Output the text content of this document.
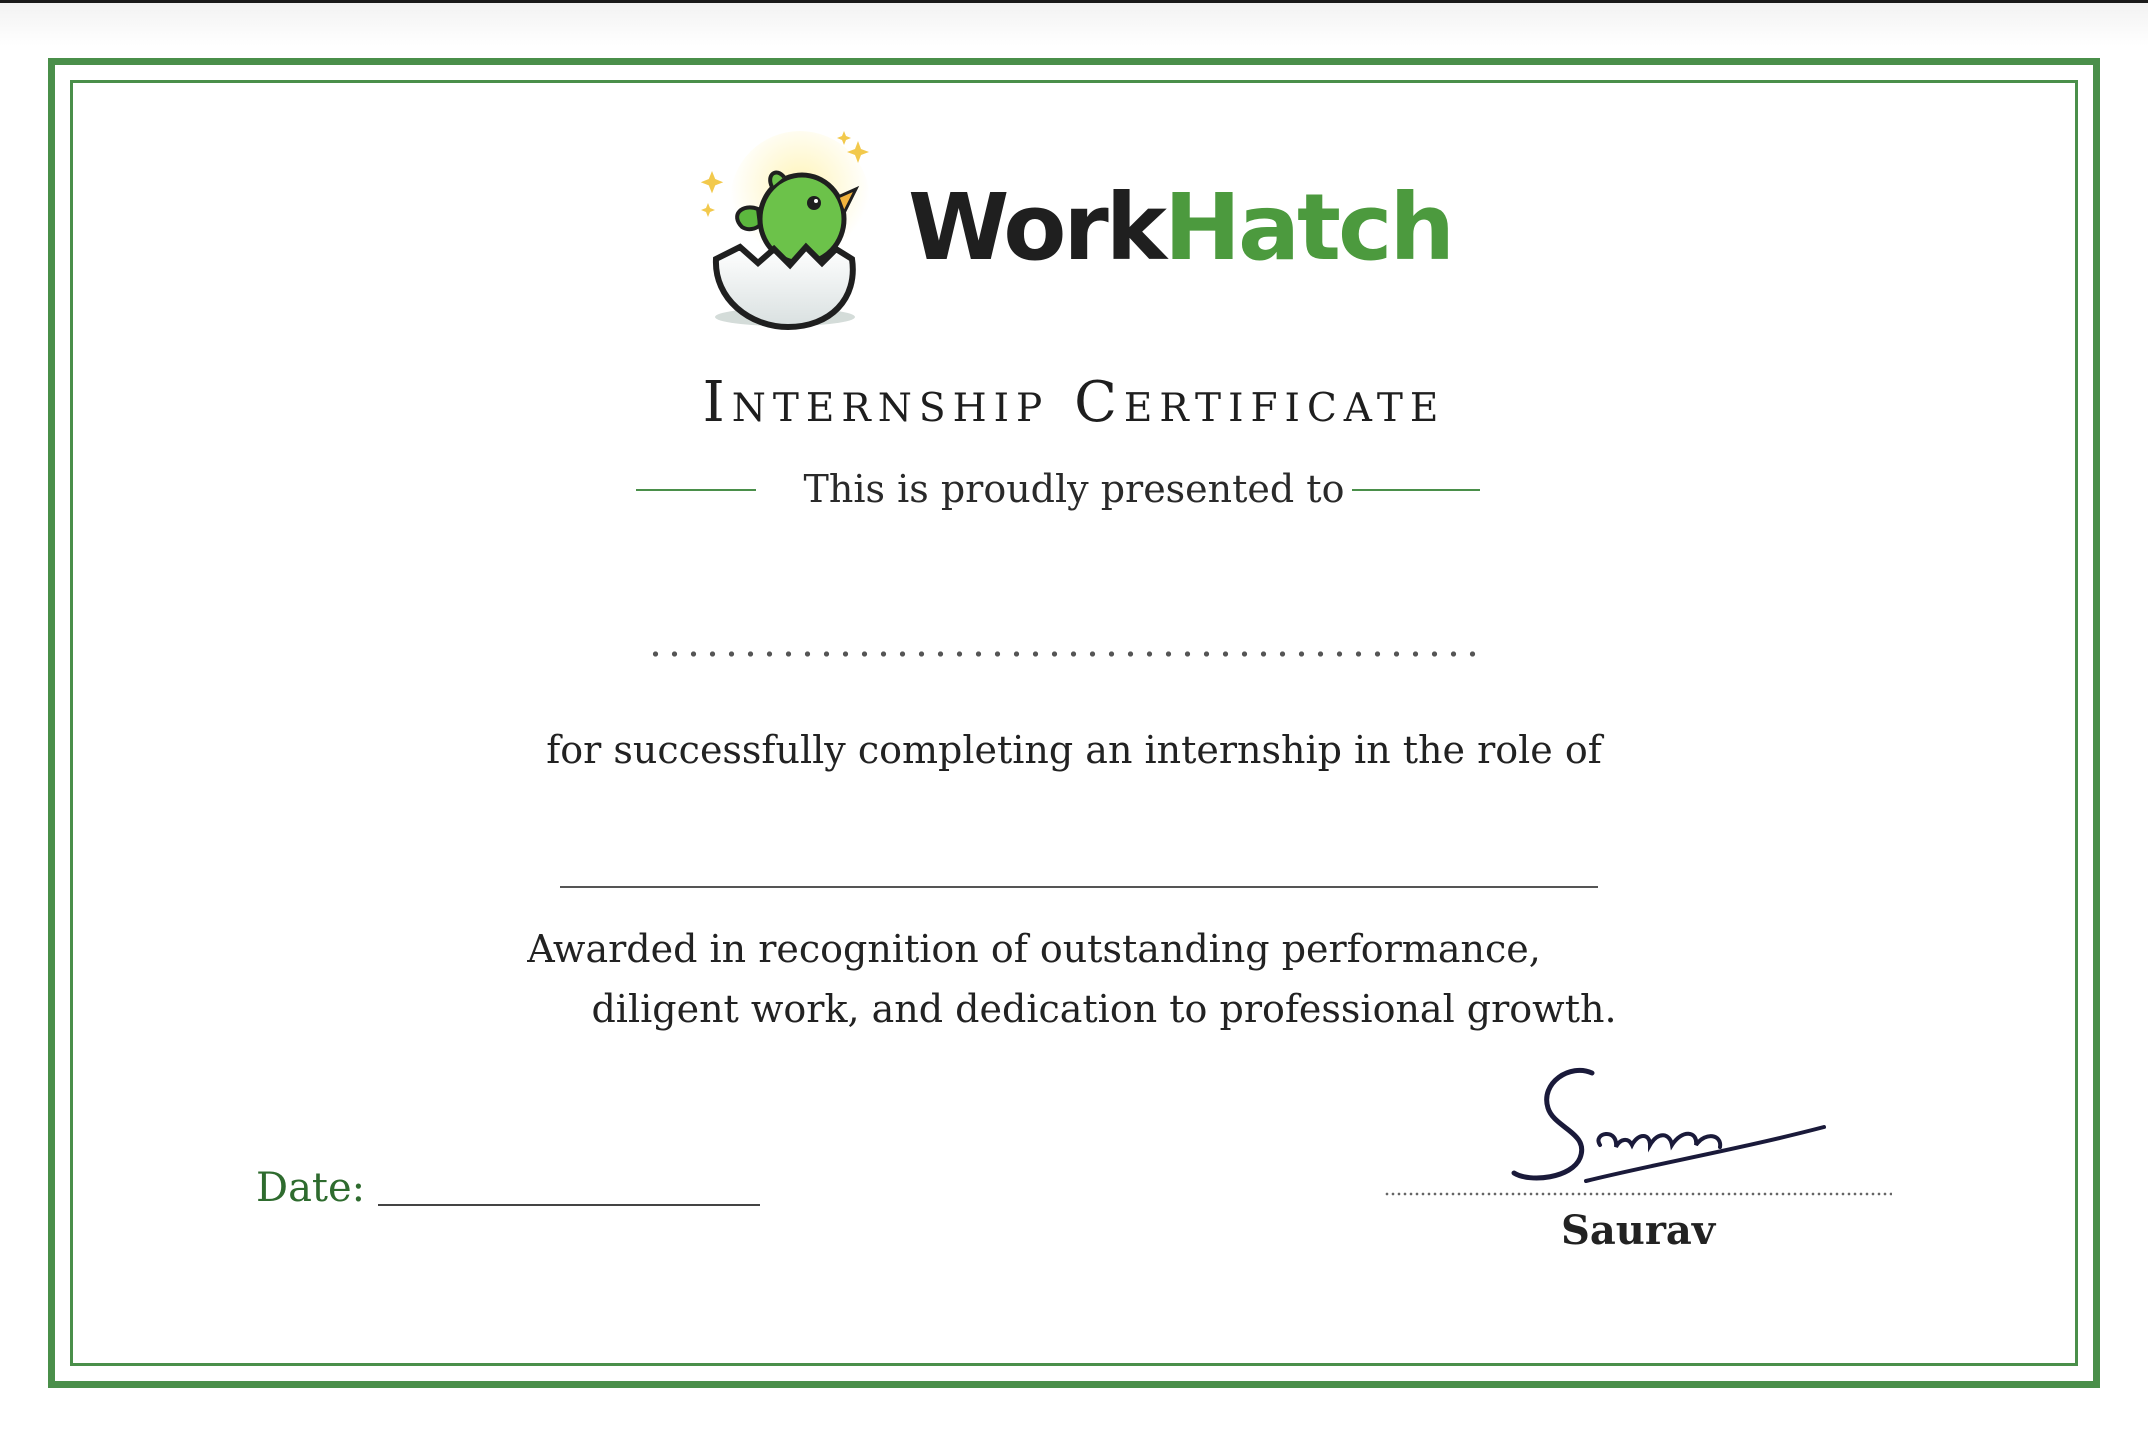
WorkHatch
Internship Certificate
This is proudly presented to
for successfully completing an internship in the role of
Awarded in recognition of outstanding performance,
diligent work, and dedication to professional growth.
Date:
Saurav
